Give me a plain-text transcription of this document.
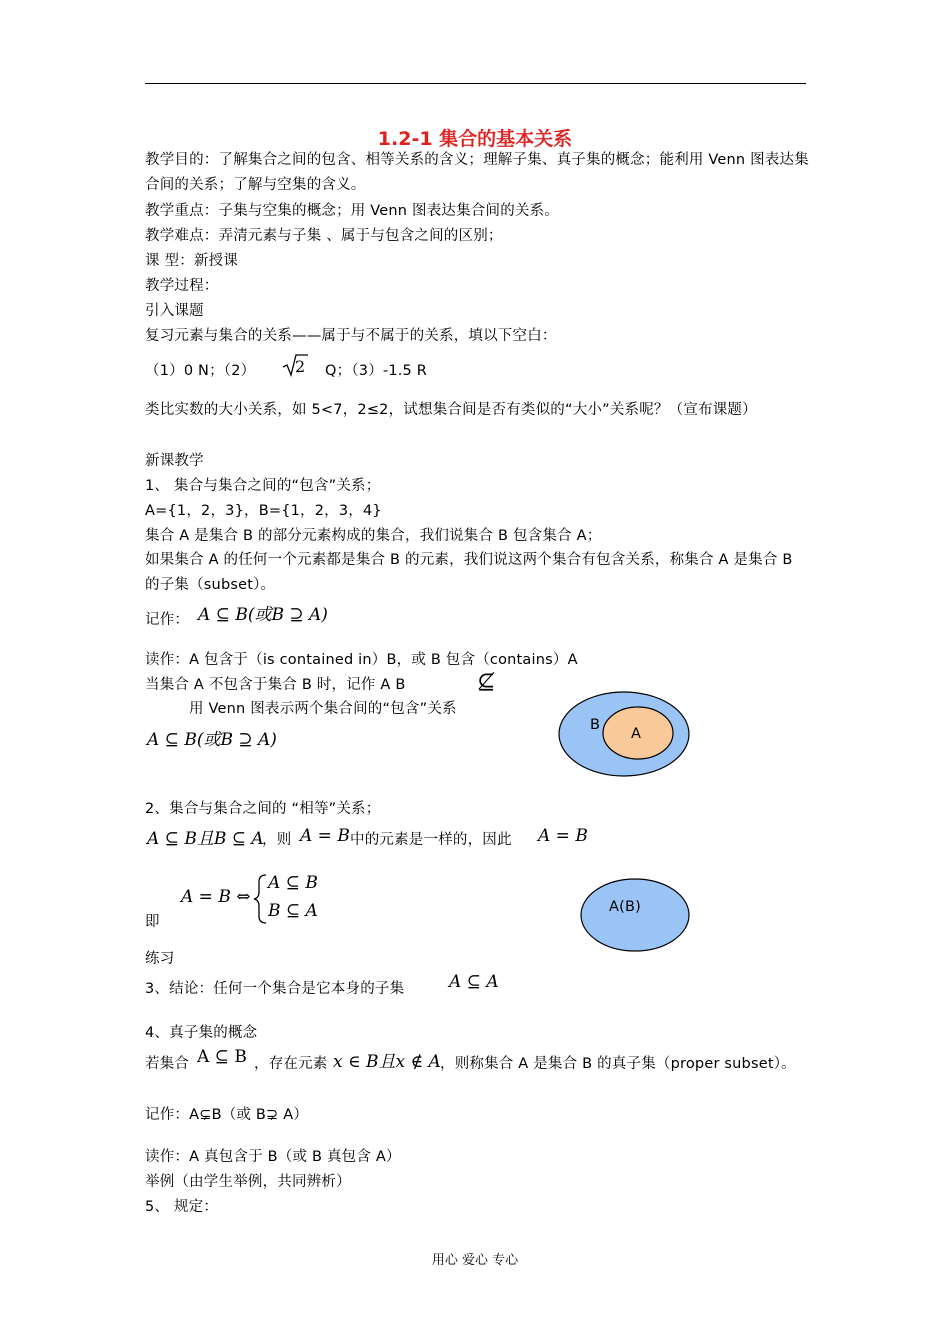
1.2-1 集合的基本关系
教学目的：了解集合之间的包含、相等关系的含义；理解子集、真子集的概念；能利用 Venn 图表达集合间的关系；了解与空集的含义。
教学重点：子集与空集的概念；用 Venn 图表达集合间的关系。
教学难点：弄清元素与子集 、属于与包含之间的区别；
课 型：新授课
教学过程：
引入课题
复习元素与集合的关系——属于与不属于的关系，填以下空白：
（1）0 N；（2） 2 Q；（3）-1.5 R
类比实数的大小关系，如 5<7，2≤2，试想集合间是否有类似的“大小”关系呢？（宣布课题）
新课教学
1、 集合与集合之间的“包含”关系；
A={1，2，3}，B={1，2，3，4}
集合 A 是集合 B 的部分元素构成的集合，我们说集合 B 包含集合 A；
如果集合 A 的任何一个元素都是集合 B 的元素，我们说这两个集合有包含关系，称集合 A 是集合 B 的子集（subset）。
记作： A ⊆ B(或B ⊇ A)
读作：A 包含于（is contained in）B，或 B 包含（contains）A
当集合 A 不包含于集合 B 时，记作 A B	⊈
用 Venn 图表示两个集合间的“包含”关系
A ⊆ B(或B ⊇ A)
B
A
2、集合与集合之间的 “相等”关系；
A ⊆ B且B ⊆ A
，则 A = B 中的元素是一样的，因此 A = B
A = B ⇔
A ⊆ B
B ⊆ A
即
A(B)
练习
3、结论：任何一个集合是它本身的子集	A ⊆ A
4、真子集的概念
若集合 A ⊆ B ，存在元素 x ∈ B且x ∉ A ，则称集合 A 是集合 B 的真子集（proper subset）。
记作：A⊊B（或 B⊋ A）
读作：A 真包含于 B（或 B 真包含 A）
举例（由学生举例，共同辨析）
5、 规定：
用心 爱心 专心
